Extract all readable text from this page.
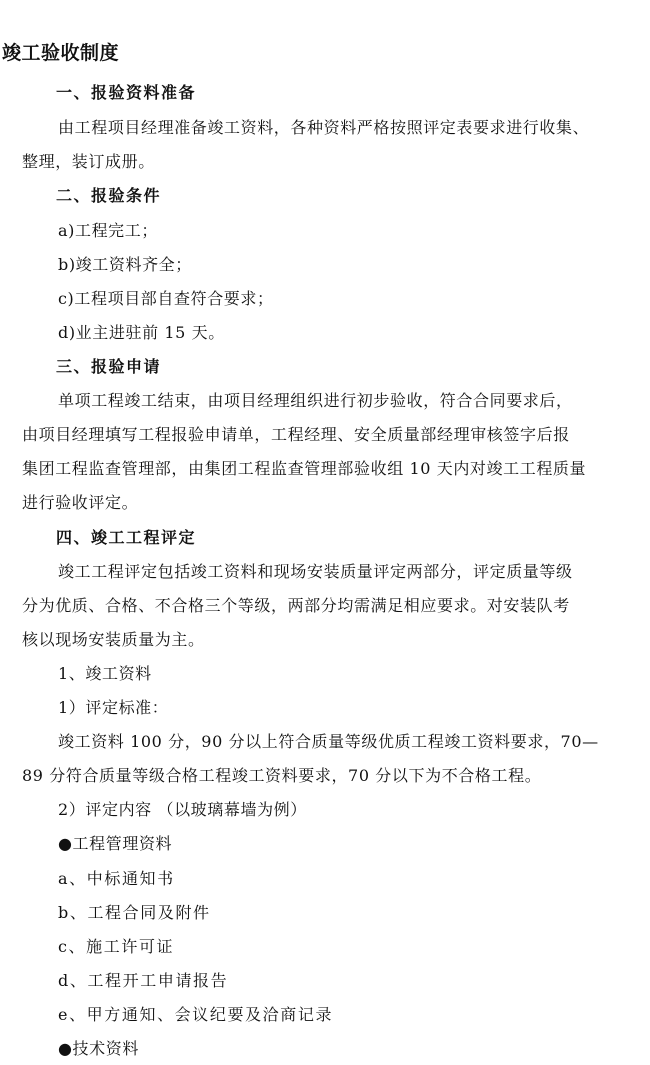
竣工验收制度
一、报验资料准备
由工程项目经理准备竣工资料，各种资料严格按照评定表要求进行收集、
整理，装订成册。
二、报验条件
a)工程完工；
b)竣工资料齐全；
c)工程项目部自查符合要求；
d)业主进驻前 15 天。
三、报验申请
单项工程竣工结束，由项目经理组织进行初步验收，符合合同要求后，
由项目经理填写工程报验申请单，工程经理、安全质量部经理审核签字后报
集团工程监查管理部，由集团工程监查管理部验收组 10 天内对竣工工程质量
进行验收评定。
四、竣工工程评定
竣工工程评定包括竣工资料和现场安装质量评定两部分，评定质量等级
分为优质、合格、不合格三个等级，两部分均需满足相应要求。对安装队考
核以现场安装质量为主。
1、竣工资料
1）评定标准：
竣工资料 100 分，90 分以上符合质量等级优质工程竣工资料要求，70—
89 分符合质量等级合格工程竣工资料要求，70 分以下为不合格工程。
2）评定内容 （以玻璃幕墙为例）
●工程管理资料
a、中标通知书
b、工程合同及附件
c、施工许可证
d、工程开工申请报告
e、甲方通知、会议纪要及洽商记录
●技术资料
